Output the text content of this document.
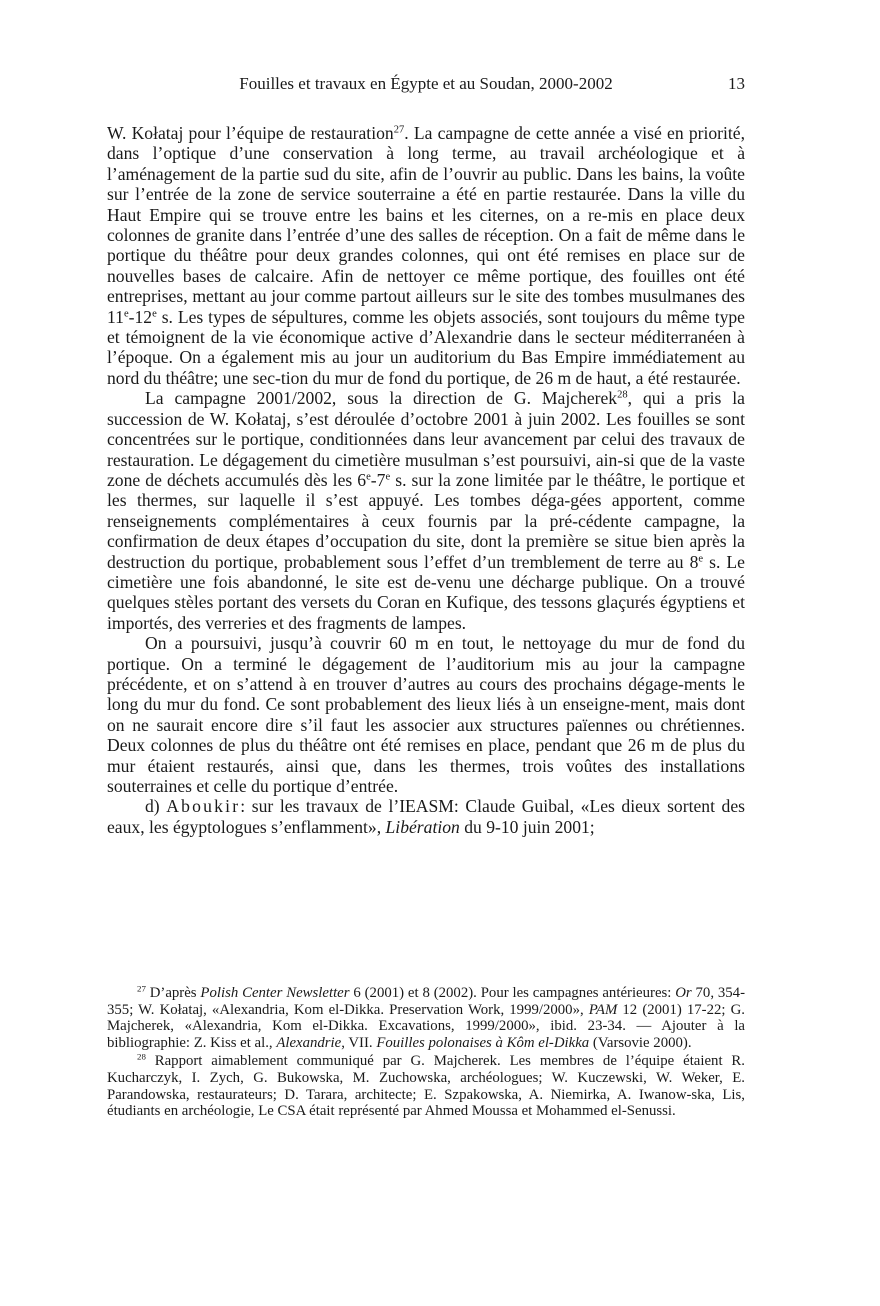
Fouilles et travaux en Égypte et au Soudan, 2000-2002	13

W. Kołataj pour l’équipe de restauration$^{27}$. La campagne de cette année a visé en priorité, dans l’optique d’une conservation à long terme, au travail archéologique et à l’aménagement de la partie sud du site, afin de l’ouvrir au public. Dans les bains, la voûte sur l’entrée de la zone de service souterraine a été en partie restaurée. Dans la ville du Haut Empire qui se trouve entre les bains et les citernes, on a re-mis en place deux colonnes de granite dans l’entrée d’une des salles de réception. On a fait de même dans le portique du théâtre pour deux grandes colonnes, qui ont été remises en place sur de nouvelles bases de calcaire. Afin de nettoyer ce même portique, des fouilles ont été entreprises, mettant au jour comme partout ailleurs sur le site des tombes musulmanes des 11e-12e s. Les types de sépultures, comme les objets associés, sont toujours du même type et témoignent de la vie économique active d’Alexandrie dans le secteur méditerranéen à l’époque. On a également mis au jour un auditorium du Bas Empire immédiatement au nord du théâtre; une sec-tion du mur de fond du portique, de 26 m de haut, a été restaurée.

La campagne 2001/2002, sous la direction de G. Majcherek$^{28}$, qui a pris la succession de W. Kołataj, s’est déroulée d’octobre 2001 à juin 2002. Les fouilles se sont concentrées sur le portique, conditionnées dans leur avancement par celui des travaux de restauration. Le dégagement du cimetière musulman s’est poursuivi, ain-si que de la vaste zone de déchets accumulés dès les 6e-7e s. sur la zone limitée par le théâtre, le portique et les thermes, sur laquelle il s’est appuyé. Les tombes déga-gées apportent, comme renseignements complémentaires à ceux fournis par la pré-cédente campagne, la confirmation de deux étapes d’occupation du site, dont la première se situe bien après la destruction du portique, probablement sous l’effet d’un tremblement de terre au 8e s. Le cimetière une fois abandonné, le site est de-venu une décharge publique. On a trouvé quelques stèles portant des versets du Coran en Kufique, des tessons glaçurés égyptiens et importés, des verreries et des fragments de lampes.

On a poursuivi, jusqu’à couvrir 60 m en tout, le nettoyage du mur de fond du portique. On a terminé le dégagement de l’auditorium mis au jour la campagne précédente, et on s’attend à en trouver d’autres au cours des prochains dégage-ments le long du mur du fond. Ce sont probablement des lieux liés à un enseigne-ment, mais dont on ne saurait encore dire s’il faut les associer aux structures païennes ou chrétiennes. Deux colonnes de plus du théâtre ont été remises en place, pendant que 26 m de plus du mur étaient restaurés, ainsi que, dans les thermes, trois voûtes des installations souterraines et celle du portique d’entrée.

d) Aboukir: sur les travaux de l’IEASM: Claude Guibal, «Les dieux sortent des eaux, les égyptologues s’enflamment», Libération du 9-10 juin 2001;

$^{27}$ D’après Polish Center Newsletter 6 (2001) et 8 (2002). Pour les campagnes antérieures: Or 70, 354-355; W. Kołataj, «Alexandria, Kom el-Dikka. Preservation Work, 1999/2000», PAM 12 (2001) 17-22; G. Majcherek, «Alexandria, Kom el-Dikka. Excavations, 1999/2000», ibid. 23-34. — Ajouter à la bibliographie: Z. Kiss et al., Alexandrie, VII. Fouilles polonaises à Kôm el-Dikka (Varsovie 2000).

$^{28}$ Rapport aimablement communiqué par G. Majcherek. Les membres de l’équipe étaient R. Kucharczyk, I. Zych, G. Bukowska, M. Zuchowska, archéologues; W. Kuczewski, W. Weker, E. Parandowska, restaurateurs; D. Tarara, architecte; E. Szpakowska, A. Niemirka, A. Iwanow-ska, Lis, étudiants en archéologie, Le CSA était représenté par Ahmed Moussa et Mohammed el-Senussi.
